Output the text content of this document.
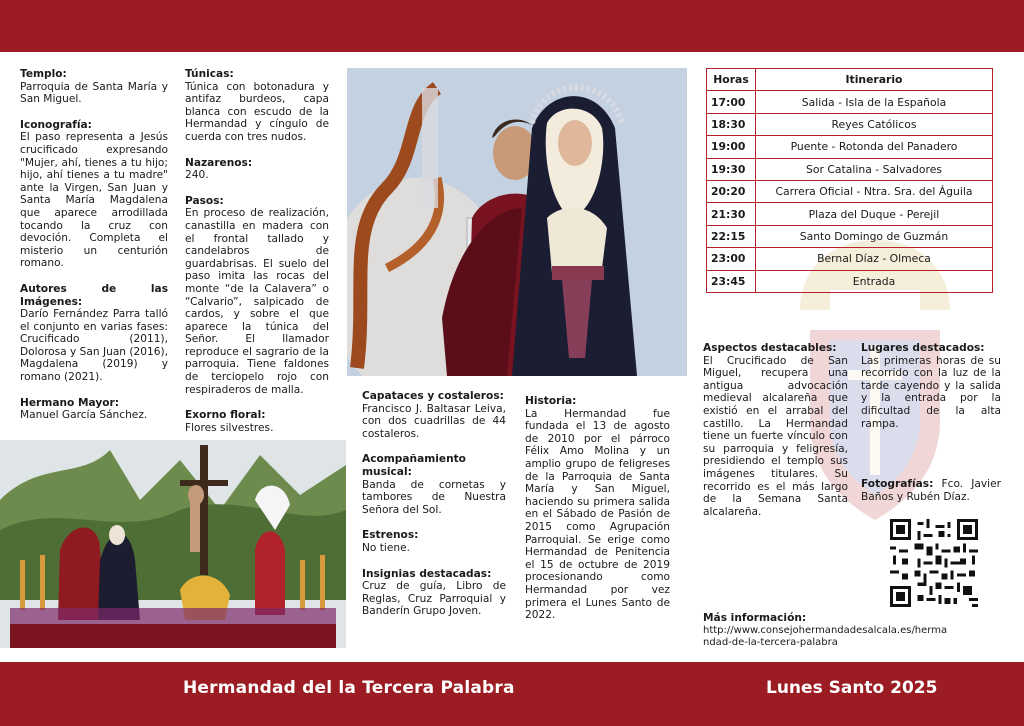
Templo:
Parroquia de Santa María y San Miguel.
Iconografía:
El paso representa a Jesús crucificado expresando "Mujer, ahí, tienes a tu hijo; hijo, ahí tienes a tu madre" ante la Virgen, San Juan y Santa María Magdalena que aparece arrodillada tocando la cruz con devoción. Completa el misterio un centurión romano.
Autores de las Imágenes:
Darío Fernández Parra talló el conjunto en varias fases: Crucificado (2011), Dolorosa y San Juan (2016), Magdalena (2019) y romano (2021).
Hermano Mayor:
Manuel García Sánchez.
Túnicas:
Túnica con botonadura y antifaz burdeos, capa blanca con escudo de la Hermandad y cíngulo de cuerda con tres nudos.
Nazarenos:
240.
Pasos:
En proceso de realización, canastilla en madera con el frontal tallado y candelabros de guardabrisas. El suelo del paso imita las rocas del monte “de la Calavera” o “Calvario”, salpicado de cardos, y sobre el que aparece la túnica del Señor. El llamador reproduce el sagrario de la parroquia. Tiene faldones de terciopelo rojo con respiraderos de malla.
Exorno floral:
Flores silvestres.
Capataces y costaleros:
Francisco J. Baltasar Leiva, con dos cuadrillas de 44 costaleros.
Acompañamiento musical:
Banda de cornetas y tambores de Nuestra Señora del Sol.
Estrenos:
No tiene.
Insignias destacadas:
Cruz de guía, Libro de Reglas, Cruz Parroquial y Banderín Grupo Joven.
Historia:
La Hermandad fue fundada el 13 de agosto de 2010 por el párroco Félix Amo Molina y un amplio grupo de feligreses de la Parroquia de Santa María y San Miguel, haciendo su primera salida en el Sábado de Pasión de 2015 como Agrupación Parroquial. Se erige como Hermandad de Penitencia el 15 de octubre de 2019 procesionando como Hermandad por vez primera el Lunes Santo de 2022.
Horas	Itinerario
17:00	Salida - Isla de la Española
18:30	Reyes Católicos
19:00	Puente - Rotonda del Panadero
19:30	Sor Catalina - Salvadores
20:20	Carrera Oficial - Ntra. Sra. del Águila
21:30	Plaza del Duque - Perejil
22:15	Santo Domingo de Guzmán
23:00	Bernal Díaz - Olmeca
23:45	Entrada
Aspectos destacables:
El Crucificado de San Miguel, recupera una antigua advocación medieval alcalareña que existió en el arrabal del castillo. La Hermandad tiene un fuerte vínculo con su parroquia y feligresía, presidiendo el templo sus imágenes titulares. Su recorrido es el más largo de la Semana Santa alcalareña.
Más información:
http://www.consejohermandadesalcala.es/hermandad-de-la-tercera-palabra
Lugares destacados:
Las primeras horas de su recorrido con la luz de la tarde cayendo y la salida y la entrada por la dificultad de la alta rampa.
Fotografías: Fco. Javier Baños y Rubén Díaz.
Hermandad del la Tercera Palabra	Lunes Santo 2025
